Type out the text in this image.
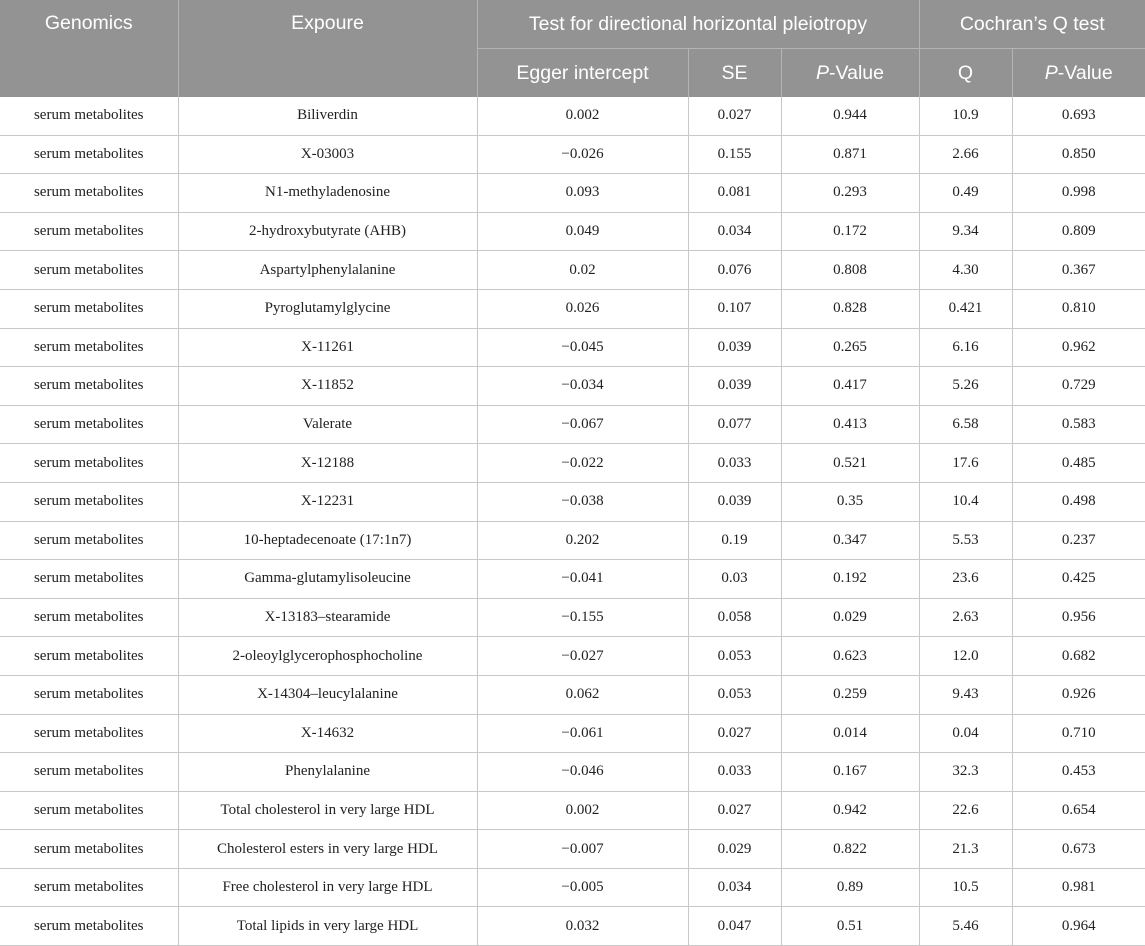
Genomics	Expoure	Test for directional horizontal pleiotropy			Cochran’s Q test	
		Egger intercept	SE	P-Value	Q	P-Value
serum metabolites	Biliverdin	0.002	0.027	0.944	10.9	0.693
serum metabolites	X-03003	−0.026	0.155	0.871	2.66	0.850
serum metabolites	N1-methyladenosine	0.093	0.081	0.293	0.49	0.998
serum metabolites	2-hydroxybutyrate (AHB)	0.049	0.034	0.172	9.34	0.809
serum metabolites	Aspartylphenylalanine	0.02	0.076	0.808	4.30	0.367
serum metabolites	Pyroglutamylglycine	0.026	0.107	0.828	0.421	0.810
serum metabolites	X-11261	−0.045	0.039	0.265	6.16	0.962
serum metabolites	X-11852	−0.034	0.039	0.417	5.26	0.729
serum metabolites	Valerate	−0.067	0.077	0.413	6.58	0.583
serum metabolites	X-12188	−0.022	0.033	0.521	17.6	0.485
serum metabolites	X-12231	−0.038	0.039	0.35	10.4	0.498
serum metabolites	10-heptadecenoate (17:1n7)	0.202	0.19	0.347	5.53	0.237
serum metabolites	Gamma-glutamylisoleucine	−0.041	0.03	0.192	23.6	0.425
serum metabolites	X-13183–stearamide	−0.155	0.058	0.029	2.63	0.956
serum metabolites	2-oleoylglycerophosphocholine	−0.027	0.053	0.623	12.0	0.682
serum metabolites	X-14304–leucylalanine	0.062	0.053	0.259	9.43	0.926
serum metabolites	X-14632	−0.061	0.027	0.014	0.04	0.710
serum metabolites	Phenylalanine	−0.046	0.033	0.167	32.3	0.453
serum metabolites	Total cholesterol in very large HDL	0.002	0.027	0.942	22.6	0.654
serum metabolites	Cholesterol esters in very large HDL	−0.007	0.029	0.822	21.3	0.673
serum metabolites	Free cholesterol in very large HDL	−0.005	0.034	0.89	10.5	0.981
serum metabolites	Total lipids in very large HDL	0.032	0.047	0.51	5.46	0.964
